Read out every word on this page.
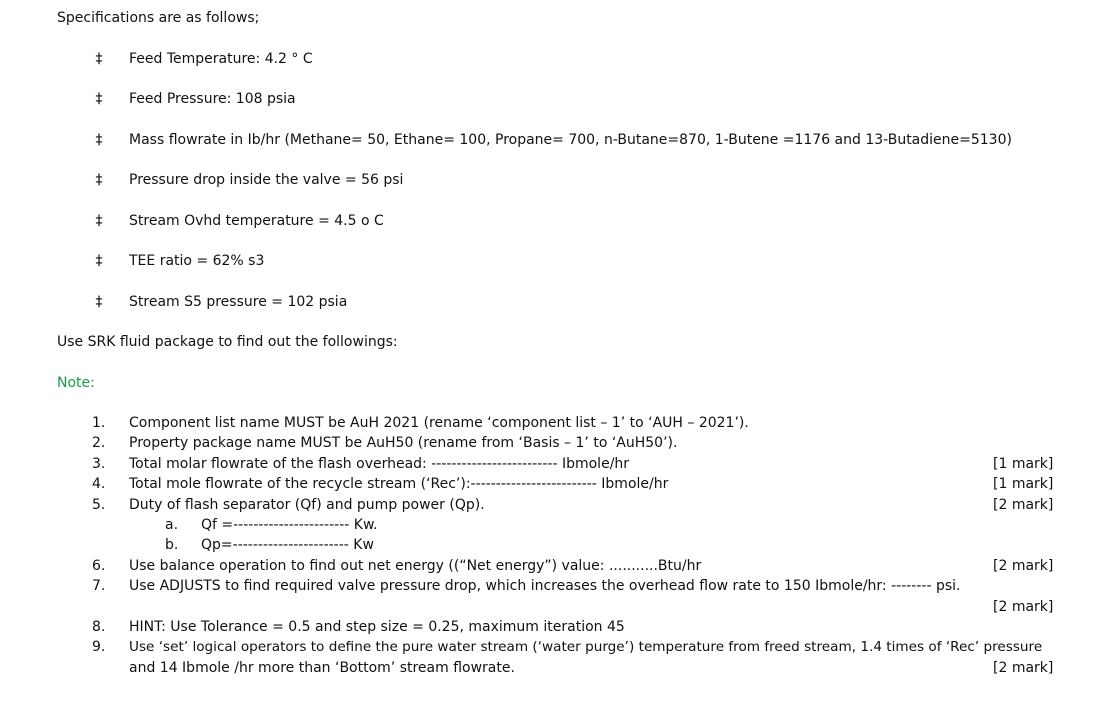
Specifications are as follows;
‡ Feed Temperature: 4.2 ° C
‡ Feed Pressure: 108 psia
‡ Mass flowrate in Ib/hr (Methane= 50, Ethane= 100, Propane= 700, n-Butane=870, 1-Butene =1176 and 13-Butadiene=5130)
‡ Pressure drop inside the valve = 56 psi
‡ Stream Ovhd temperature = 4.5 o C
‡ TEE ratio = 62% s3
‡ Stream S5 pressure = 102 psia
Use SRK fluid package to find out the followings:
Note:
1. Component list name MUST be AuH 2021 (rename ‘component list – 1’ to ‘AUH – 2021’).
2. Property package name MUST be AuH50 (rename from ‘Basis – 1’ to ‘AuH50’).
3. Total molar flowrate of the flash overhead: ------------------------- Ibmole/hr	[1 mark]
4. Total mole flowrate of the recycle stream (‘Rec’):------------------------- Ibmole/hr	[1 mark]
5. Duty of flash separator (Qf) and pump power (Qp).	[2 mark]
a. Qf =----------------------- Kw.
b. Qp=----------------------- Kw
6. Use balance operation to find out net energy ((“Net energy”) value: ...........Btu/hr	[2 mark]
7. Use ADJUSTS to find required valve pressure drop, which increases the overhead flow rate to 150 Ibmole/hr: -------- psi.
[2 mark]
8. HINT: Use Tolerance = 0.5 and step size = 0.25, maximum iteration 45
9. Use ‘set’ logical operators to define the pure water stream (‘water purge’) temperature from freed stream, 1.4 times of ‘Rec’ pressure
and 14 Ibmole /hr more than ‘Bottom’ stream flowrate.	[2 mark]
